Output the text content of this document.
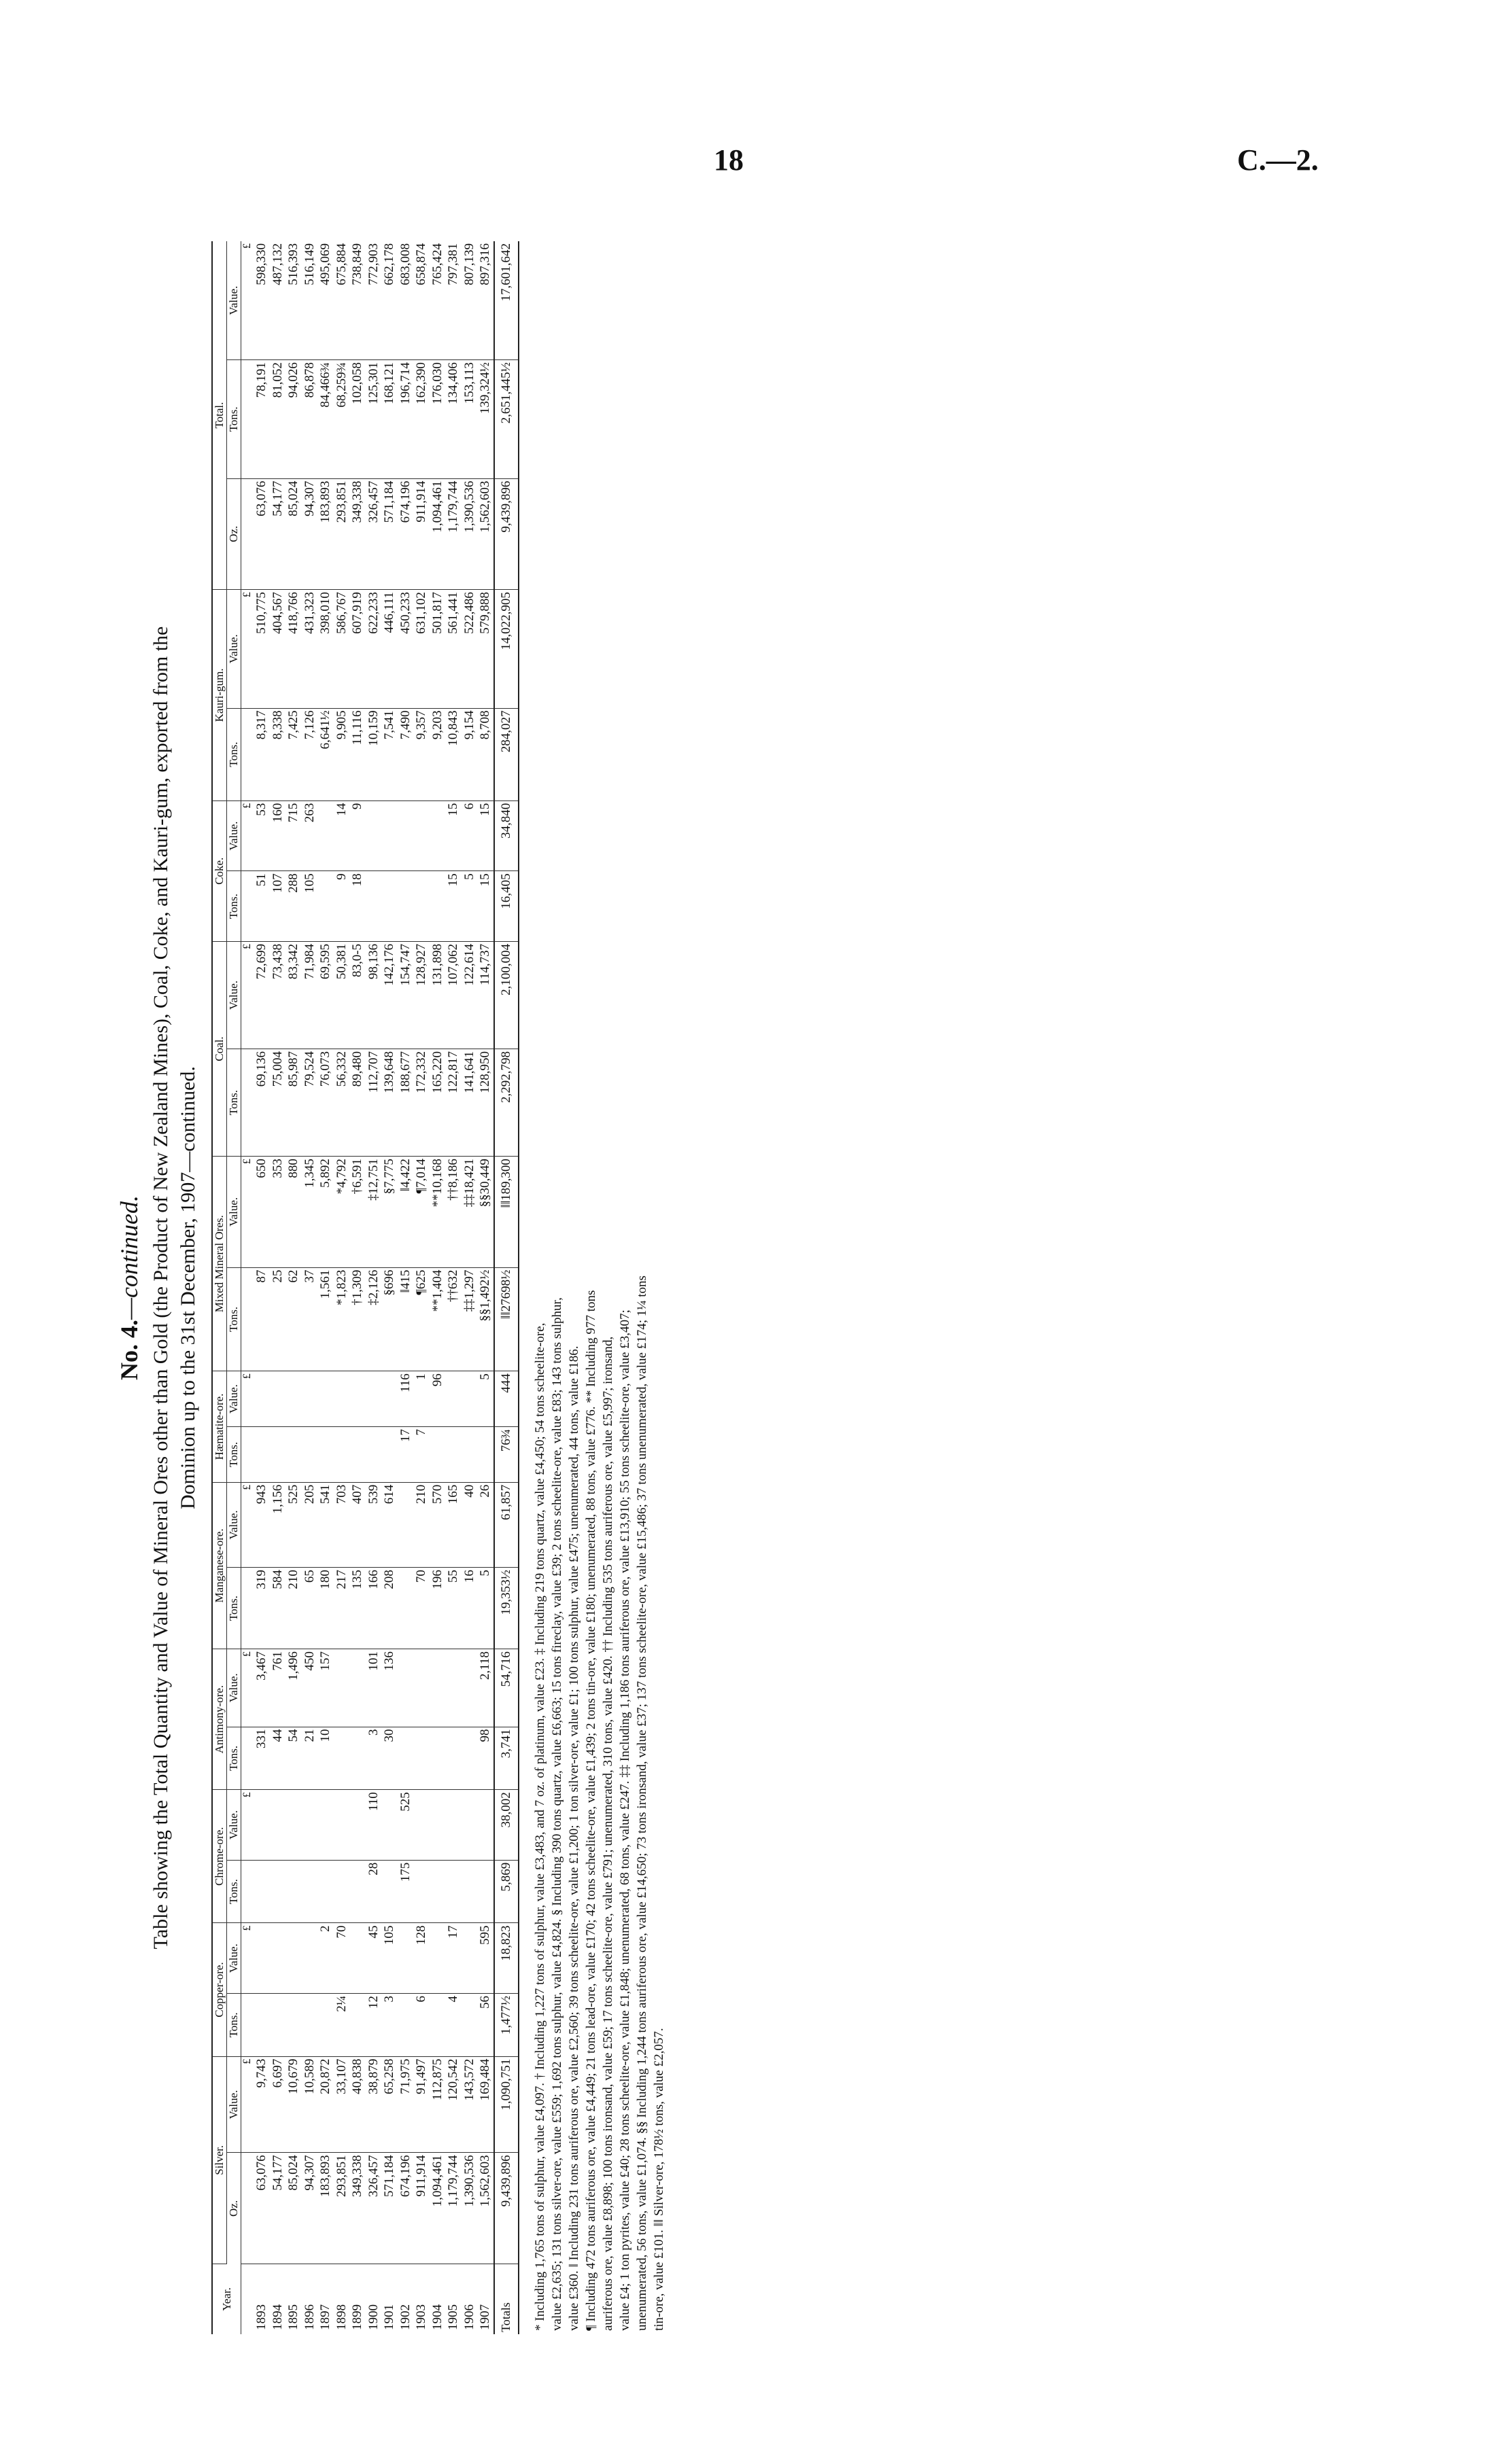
18	C.—2.
No. 4.—continued. Table showing the Total Quantity and Value of Mineral Ores other than Gold (the Product of New Zealand Mines), Coal, Coke, and Kauri-gum, exported from the Dominion up to the 31st December, 1907—continued.
Year.	Silver.		Copper-ore.		Chrome-ore.		Antimony-ore.		Manganese-ore.		Hæmatite-ore.		Mixed Mineral Ores.		Coal.		Coke.		Kauri-gum.		Total.		
	Oz.	Value.	Tons.	Value.	Tons.	Value.	Tons.	Value.	Tons.	Value.	Tons.	Value.	Tons.	Value.	Tons.	Value.	Tons.	Value.	Tons.	Value.	Oz.	Tons.	Value.
		£		£		£		£		£		£		£		£		£		£			£
1893	63,076	9,743					331	3,467	319	943			87	650	69,136	72,699	51	53	8,317	510,775	63,076	78,191	598,330
1894	54,177	6,697					44	761	584	1,156			25	353	75,004	73,438	107	160	8,338	404,567	54,177	81,052	487,132
1895	85,024	10,679					54	1,496	210	525			62	880	85,987	83,342	288	715	7,425	418,766	85,024	94,026	516,393
1896	94,307	10,589					21	450	65	205			37	1,345	79,524	71,984	105	263	7,126	431,323	94,307	86,878	516,149
1897	183,893	20,872		2			10	157	180	541			1,561	5,892	76,073	69,595			6,641½	398,010	183,893	84,466¾	495,069
1898	293,851	33,107	2¼	70					217	703			*1,823	*4,792	56,332	50,381	9	14	9,905	586,767	293,851	68,259¾	675,884
1899	349,338	40,838							135	407			†1,309	†6,591	89,480	83,0-5	18	9	11,116	607,919	349,338	102,058	738,849
1900	326,457	38,879	12	45	28	110	3	101	166	539			‡2,126	‡12,751	112,707	98,136			10,159	622,233	326,457	125,301	772,903
1901	571,184	65,258	3	105			30	136	208	614			§696	§7,775	139,648	142,176			7,541	446,111	571,184	168,121	662,178
1902	674,196	71,975			175	525					17	116	‖415	‖4,422	188,677	154,747			7,490	450,233	674,196	196,714	683,008
1903	911,914	91,497	6	128					70	210	7	1	¶625	¶7,014	172,332	128,927			9,357	631,102	911,914	162,390	658,874
1904	1,094,461	112,875							196	570		96	**1,404	**10,168	165,220	131,898			9,203	501,817	1,094,461	176,030	765,424
1905	1,179,744	120,542	4	17					55	165			††632	††8,186	122,817	107,062	15	15	10,843	561,441	1,179,744	134,406	797,381
1906	1,390,536	143,572							16	40			‡‡1,297	‡‡18,421	141,641	122,614	5	6	9,154	522,486	1,390,536	153,113	807,139
1907	1,562,603	169,484	56	595			98	2,118	5	26		5	§§1,492½	§§30,449	128,950	114,737	15	15	8,708	579,888	1,562,603	139,324½	897,316
Totals	9,439,896	1,090,751	1,477½	18,823	5,869	38,002	3,741	54,716	19,353½	61,857	76¾	444	‖‖27698½	‖‖189,300	2,292,798	2,100,004	16,405	34,840	284,027	14,022,905	9,439,896	2,651,445½	17,601,642

* Including 1,765 tons of sulphur, value £4,097. † Including 1,227 tons of sulphur, value £3,483, and 7 oz. of platinum, value £23. ‡ Including 219 tons quartz, value £4,450; 54 tons scheelite-ore, value £2,635; 131 tons silver-ore, value £559; 1,692 tons sulphur, value £4,824. § Including 390 tons quartz, value £6,663; 15 tons fireclay, value £39; 2 tons scheelite-ore, value £83; 143 tons sulphur, value £360. ‖ Including 231 tons auriferous ore, value £2,560; 39 tons scheelite-ore, value £1,200; 1 ton silver-ore, value £1; 100 tons sulphur, value £475; unenumerated, 44 tons, value £186. ¶ Including 472 tons auriferous ore, value £4,449; 21 tons lead-ore, value £170; 42 tons scheelite-ore, value £1,439; 2 tons tin-ore, value £180; unenumerated, 88 tons, value £776. ** Including 977 tons auriferous ore, value £8,898; 100 tons ironsand, value £59; 17 tons scheelite-ore, value £791; unenumerated, 310 tons, value £420. †† Including 535 tons auriferous ore, value £5,997; ironsand, value £4; 1 ton pyrites, value £40; 28 tons scheelite-ore, value £1,848; unenumerated, 68 tons, value £247. ‡‡ Including 1,186 tons auriferous ore, value £13,910; 55 tons scheelite-ore, value £3,407; unenumerated, 56 tons, value £1,074. §§ Including 1,244 tons auriferous ore, value £14,650; 73 tons ironsand, value £37; 137 tons scheelite-ore, value £15,486; 37 tons unenumerated, value £174; 1¼ tons tin-ore, value £101. ‖‖ Silver-ore, 178½ tons, value £2,057.
